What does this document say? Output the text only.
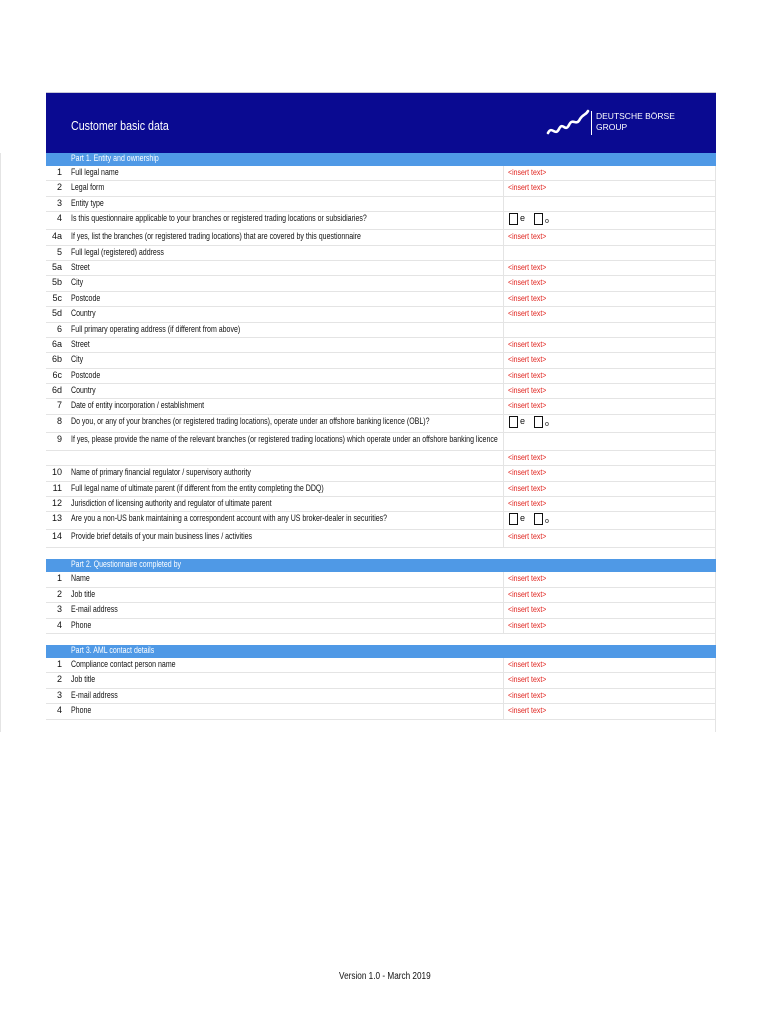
Customer basic data
DEUTSCHE BÖRSE
GROUP
Part 1. Entity and ownership
1 Full legal name	<insert text>
2 Legal form	<insert text>
3 Entity type
4 Is this questionnaire applicable to your branches or registered trading locations or subsidiaries?	e	o
4a If yes, list the branches (or registered trading locations) that are covered by this questionnaire	<insert text>
5 Full legal (registered) address
5a Street	<insert text>
5b City	<insert text>
5c Postcode	<insert text>
5d Country	<insert text>
6 Full primary operating address (if different from above)
6a Street	<insert text>
6b City	<insert text>
6c Postcode	<insert text>
6d Country	<insert text>
7 Date of entity incorporation / establishment	<insert text>
8 Do you, or any of your branches (or registered trading locations), operate under an offshore banking licence (OBL)?	e	o
9 If yes, please provide the name of the relevant branches (or registered trading locations) which operate under an offshore banking licence
<insert text>
10 Name of primary financial regulator / supervisory authority	<insert text>
11 Full legal name of ultimate parent (if different from the entity completing the DDQ)	<insert text>
12 Jurisdiction of licensing authority and regulator of ultimate parent	<insert text>
13 Are you a non-US bank maintaining a correspondent account with any US broker-dealer in securities?	e	o
14 Provide brief details of your main business lines / activities	<insert text>
Part 2. Questionnaire completed by
1 Name	<insert text>
2 Job title	<insert text>
3 E-mail address	<insert text>
4 Phone	<insert text>
Part 3. AML contact details
1 Compliance contact person name	<insert text>
2 Job title	<insert text>
3 E-mail address	<insert text>
4 Phone	<insert text>
Version 1.0 - March 2019
